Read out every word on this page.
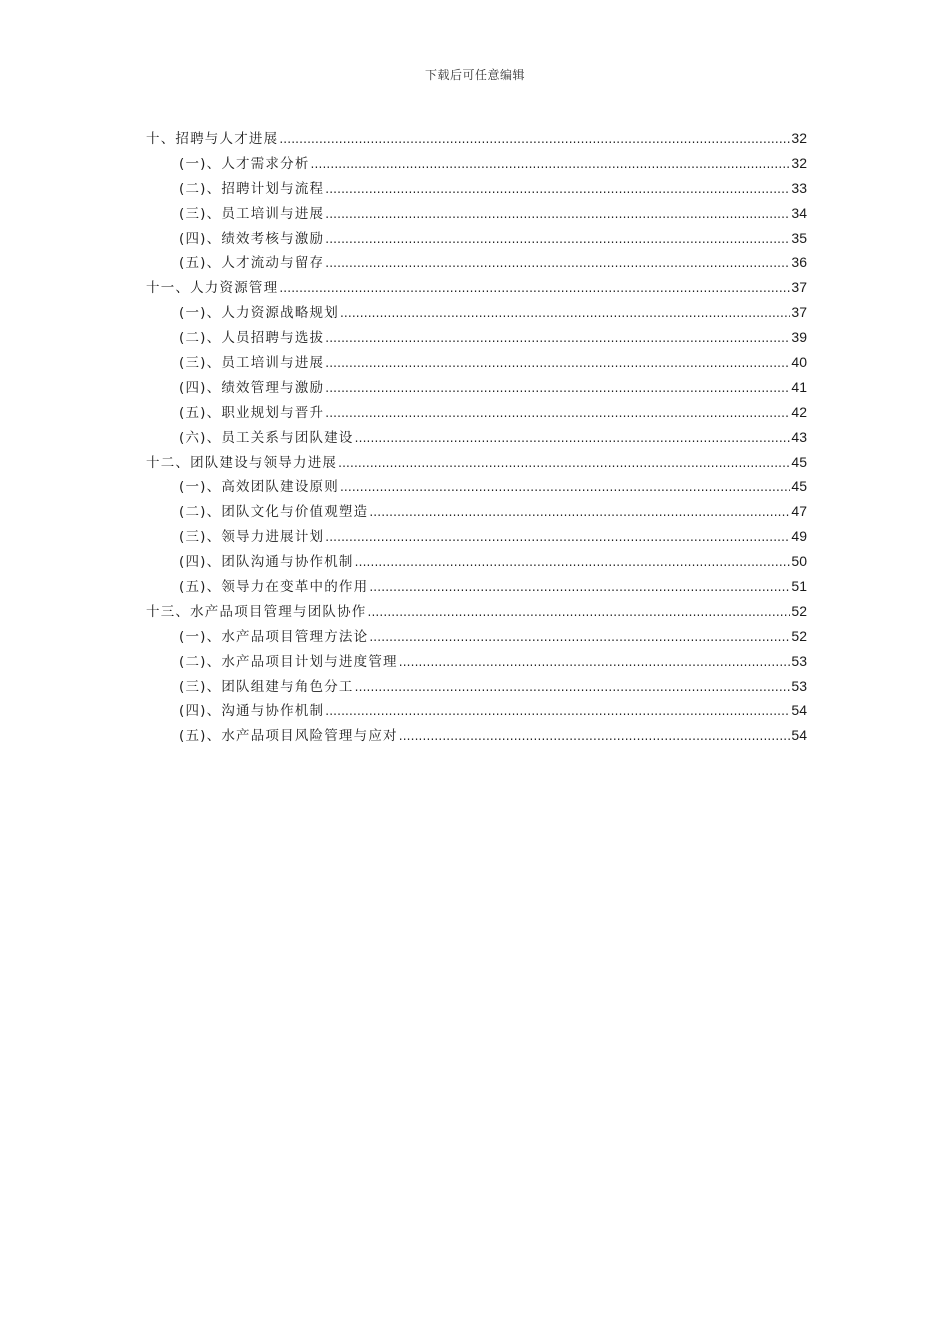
下载后可任意编辑
十、招聘与人才进展 .....	32
(一)、人才需求分析 .....	32
(二)、招聘计划与流程 .....	33
(三)、员工培训与进展 .....	34
(四)、绩效考核与激励 .....	35
(五)、人才流动与留存 .....	36
十一、人力资源管理 .....	37
(一)、人力资源战略规划 .....	37
(二)、人员招聘与选拔 .....	39
(三)、员工培训与进展 .....	40
(四)、绩效管理与激励 .....	41
(五)、职业规划与晋升 .....	42
(六)、员工关系与团队建设 .....	43
十二、团队建设与领导力进展 .....	45
(一)、高效团队建设原则 .....	45
(二)、团队文化与价值观塑造 .....	47
(三)、领导力进展计划 .....	49
(四)、团队沟通与协作机制 .....	50
(五)、领导力在变革中的作用 .....	51
十三、水产品项目管理与团队协作 .....	52
(一)、水产品项目管理方法论 .....	52
(二)、水产品项目计划与进度管理 .....	53
(三)、团队组建与角色分工 .....	53
(四)、沟通与协作机制 .....	54
(五)、水产品项目风险管理与应对 .....	54
